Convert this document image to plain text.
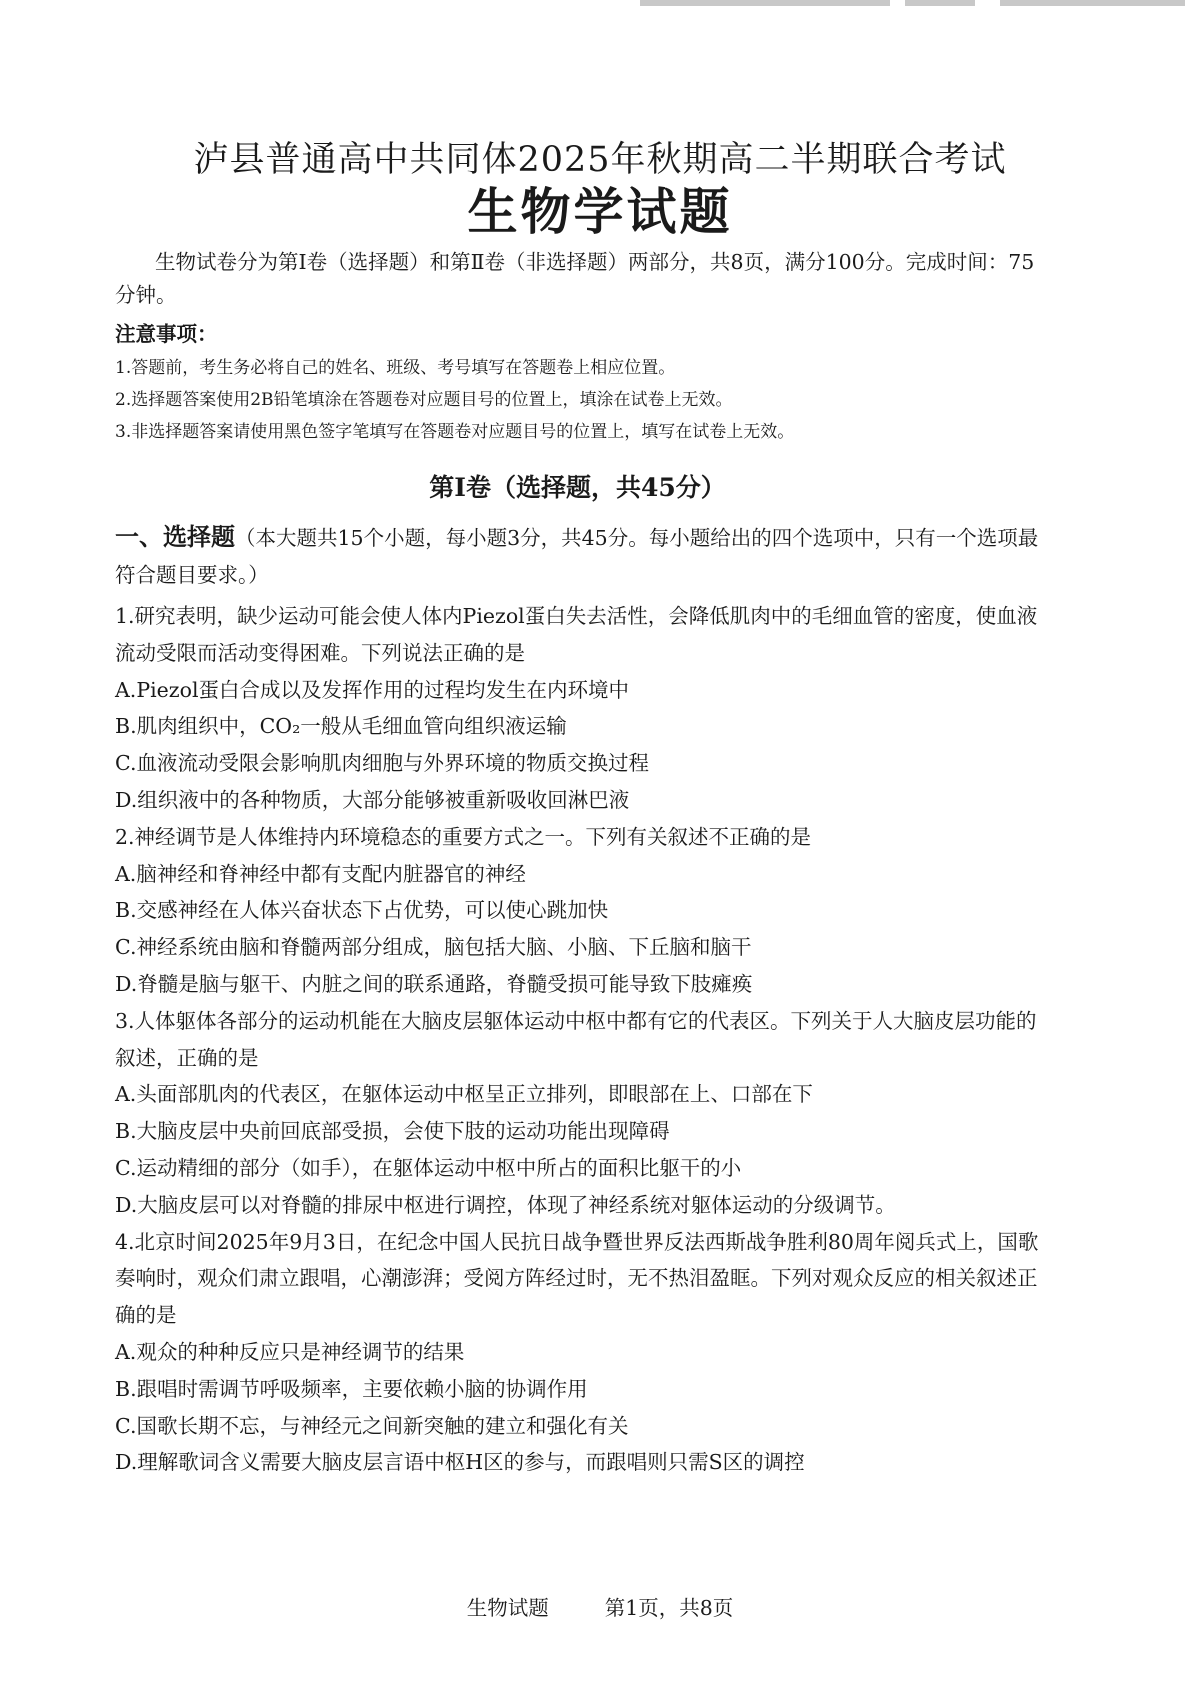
泸县普通高中共同体2025年秋期高二半期联合考试
生物学试题

生物试卷分为第Ⅰ卷（选择题）和第Ⅱ卷（非选择题）两部分，共8页，满分100分。完成时间：75分钟。

注意事项：

1.答题前，考生务必将自己的姓名、班级、考号填写在答题卷上相应位置。

2.选择题答案使用2B铅笔填涂在答题卷对应题目号的位置上，填涂在试卷上无效。

3.非选择题答案请使用黑色签字笔填写在答题卷对应题目号的位置上，填写在试卷上无效。

第Ⅰ卷（选择题，共45分）

一、选择题（本大题共15个小题，每小题3分，共45分。每小题给出的四个选项中，只有一个选项最符合题目要求。）

1.研究表明，缺少运动可能会使人体内Piezol蛋白失去活性，会降低肌肉中的毛细血管的密度，使血液流动受限而活动变得困难。下列说法正确的是

A.Piezol蛋白合成以及发挥作用的过程均发生在内环境中

B.肌肉组织中，CO₂一般从毛细血管向组织液运输

C.血液流动受限会影响肌肉细胞与外界环境的物质交换过程

D.组织液中的各种物质，大部分能够被重新吸收回淋巴液

2.神经调节是人体维持内环境稳态的重要方式之一。下列有关叙述不正确的是

A.脑神经和脊神经中都有支配内脏器官的神经

B.交感神经在人体兴奋状态下占优势，可以使心跳加快

C.神经系统由脑和脊髓两部分组成，脑包括大脑、小脑、下丘脑和脑干

D.脊髓是脑与躯干、内脏之间的联系通路，脊髓受损可能导致下肢瘫痪

3.人体躯体各部分的运动机能在大脑皮层躯体运动中枢中都有它的代表区。下列关于人大脑皮层功能的叙述，正确的是

A.头面部肌肉的代表区，在躯体运动中枢呈正立排列，即眼部在上、口部在下

B.大脑皮层中央前回底部受损，会使下肢的运动功能出现障碍

C.运动精细的部分（如手），在躯体运动中枢中所占的面积比躯干的小

D.大脑皮层可以对脊髓的排尿中枢进行调控，体现了神经系统对躯体运动的分级调节。

4.北京时间2025年9月3日，在纪念中国人民抗日战争暨世界反法西斯战争胜利80周年阅兵式上，国歌奏响时，观众们肃立跟唱，心潮澎湃；受阅方阵经过时，无不热泪盈眶。下列对观众反应的相关叙述正确的是

A.观众的种种反应只是神经调节的结果

B.跟唱时需调节呼吸频率，主要依赖小脑的协调作用

C.国歌长期不忘，与神经元之间新突触的建立和强化有关

D.理解歌词含义需要大脑皮层言语中枢H区的参与，而跟唱则只需S区的调控

生物试题	第1页，共8页
